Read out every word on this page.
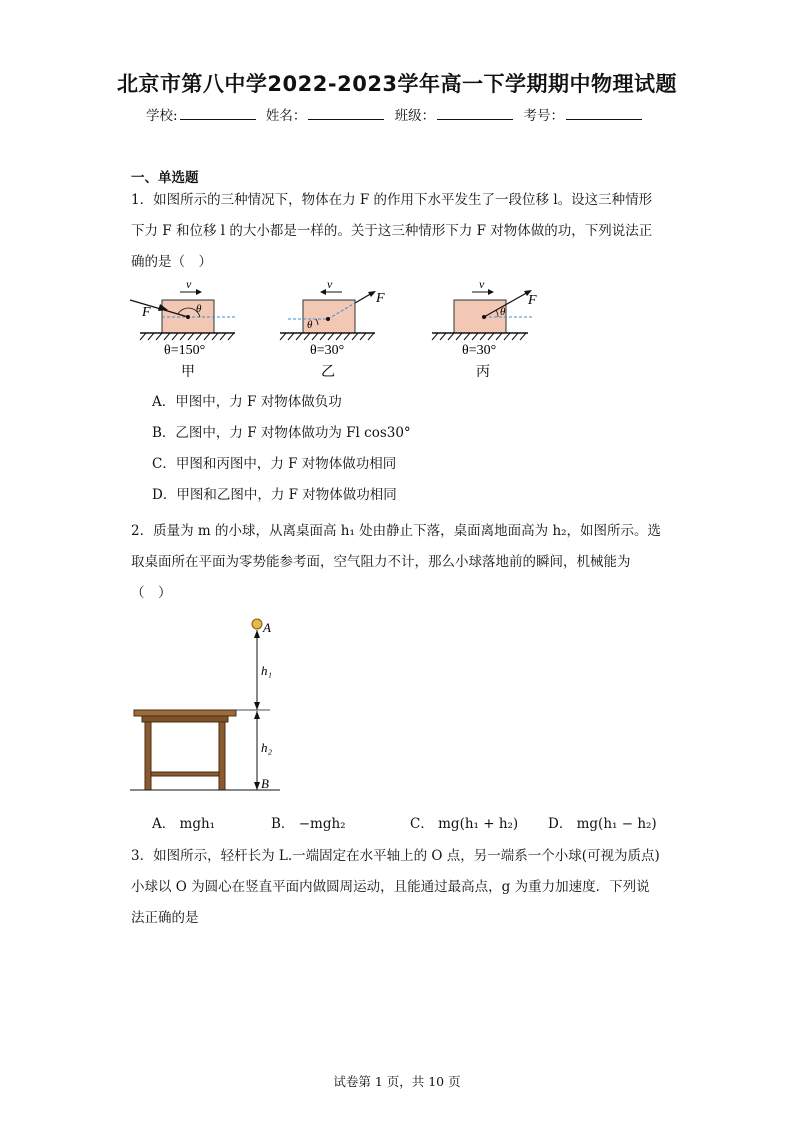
北京市第八中学2022-2023学年高一下学期期中物理试题
学校:	姓名：	班级：	考号：
一、单选题
1．如图所示的三种情况下，物体在力 F 的作用下水平发生了一段位移 l。设这三种情形
下力 F 和位移 l 的大小都是一样的。关于这三种情形下力 F 对物体做的功，下列说法正
确的是（　）
θ
F
v
θ=150°
甲
θ
F
v
θ=30°
乙
θ
F
v
θ=30°
丙
A．甲图中，力 F 对物体做负功
B．乙图中，力 F 对物体做功为 Fl cos30°
C．甲图和丙图中，力 F 对物体做功相同
D．甲图和乙图中，力 F 对物体做功相同
2．质量为 m 的小球，从离桌面高 h₁ 处由静止下落，桌面离地面高为 h₂，如图所示。选
取桌面所在平面为零势能参考面，空气阻力不计，那么小球落地前的瞬间，机械能为
（　）
A
h₁
h₂
B
A． mgh₁	B． −mgh₂	C． mg(h₁ + h₂) D． mg(h₁ − h₂)
3．如图所示，轻杆长为 L.一端固定在水平轴上的 O 点，另一端系一个小球(可视为质点)
小球以 O 为圆心在竖直平面内做圆周运动，且能通过最高点，g 为重力加速度．下列说
法正确的是
试卷第 1 页，共 10 页
